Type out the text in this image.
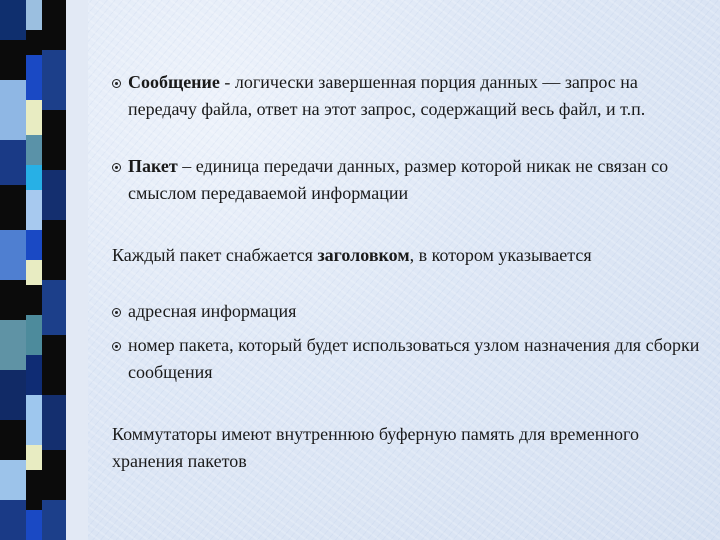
Сообщение - логически завершенная порция данных — запрос на передачу файла, ответ на этот запрос, содержащий весь файл, и т.п.
Пакет – единица передачи данных, размер которой никак не связан со смыслом передаваемой информации
Каждый пакет снабжается заголовком, в котором указывается
адресная информация
номер пакета, который будет использоваться узлом назначения для сборки сообщения
Коммутаторы имеют внутреннюю буферную память для временного хранения пакетов
